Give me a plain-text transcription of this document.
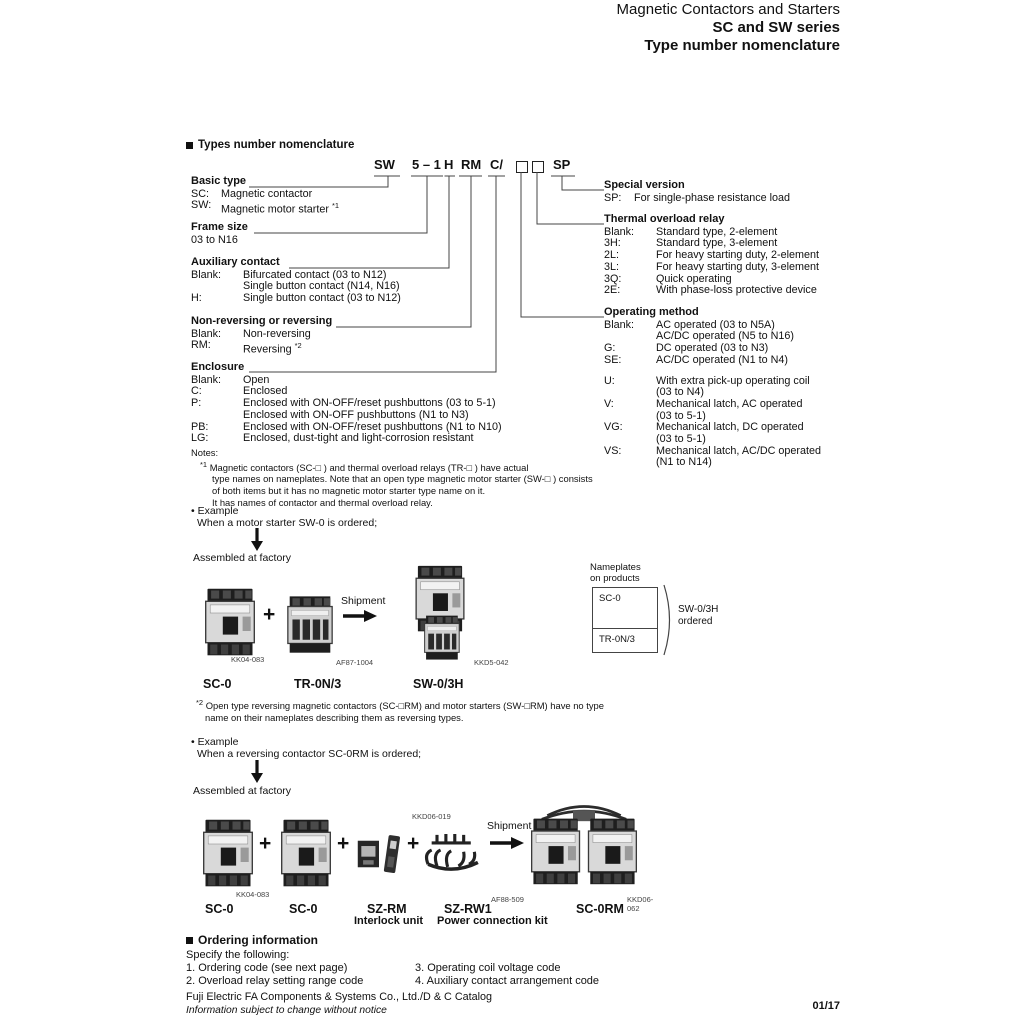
Magnetic Contactors and Starters
SC and SW series
Type number nomenclature
Types number nomenclature
SW 5 – 1 H RM C/	SP
Basic type
SC:	Magnetic contactor
SW: Magnetic motor starter $^{*1}$
Frame size
03 to N16
Auxiliary contact
Blank:	Bifurcated contact (03 to N12)
Single button contact (N14, N16)
H:	Single button contact (03 to N12)
Non-reversing or reversing
Blank:	Non-reversing
RM:	Reversing $^{*2}$
Enclosure
Blank:	Open
C:	Enclosed
P:	Enclosed with ON-OFF/reset pushbuttons (03 to 5-1)
Enclosed with ON-OFF pushbuttons (N1 to N3)
PB:	Enclosed with ON-OFF/reset pushbuttons (N1 to N10)
LG:	Enclosed, dust-tight and light-corrosion resistant
Special version
SP:	For single-phase resistance load
Thermal overload relay
Blank:	Standard type, 2-element
3H:	Standard type, 3-element
2L:	For heavy starting duty, 2-element
3L:	For heavy starting duty, 3-element
3Q:	Quick operating
2E:	With phase-loss protective device
Operating method
Blank:	AC operated (03 to N5A)
AC/DC operated (N5 to N16)
G:	DC operated (03 to N3)
SE:	AC/DC operated (N1 to N4)
U:	With extra pick-up operating coil
(03 to N4)
V:	Mechanical latch, AC operated
(03 to 5-1)
VG:	Mechanical latch, DC operated
(03 to 5-1)
VS:	Mechanical latch, AC/DC operated
(N1 to N14)
Notes:
$^{*1}$ Magnetic contactors (SC-□ ) and thermal overload relays (TR-□ ) have actual
type names on nameplates. Note that an open type magnetic motor starter (SW-□ ) consists
of both items but it has no magnetic motor starter type name on it.
It has names of contactor and thermal overload relay.
• Example
When a motor starter SW-0 is ordered;
Assembled at factory
+
Shipment
KK04-083	AF87-1004	KKD5-042
SC-0	TR-0N/3	SW-0/3H
Nameplates
on products
SC-0
TR-0N/3
SW-0/3H
ordered
$^{*2}$ Open type reversing magnetic contactors (SC-□RM) and motor starters (SW-□RM) have no type
name on their nameplates describing them as reversing types.
• Example
When a reversing contactor SC-0RM is ordered;
Assembled at factory
+	+	+
KKD06-019
Shipment
KK04-083
AF88-509	KKD06-062
SC-0	SC-0	SZ-RM
Interlock unit
SZ-RW1
Power connection kit
SC-0RM
Ordering information
Specify the following:
1. Ordering code (see next page)
2. Overload relay setting range code
3. Operating coil voltage code
4. Auxiliary contact arrangement code
Fuji Electric FA Components & Systems Co., Ltd./D & C Catalog
Information subject to change without notice	01/17
